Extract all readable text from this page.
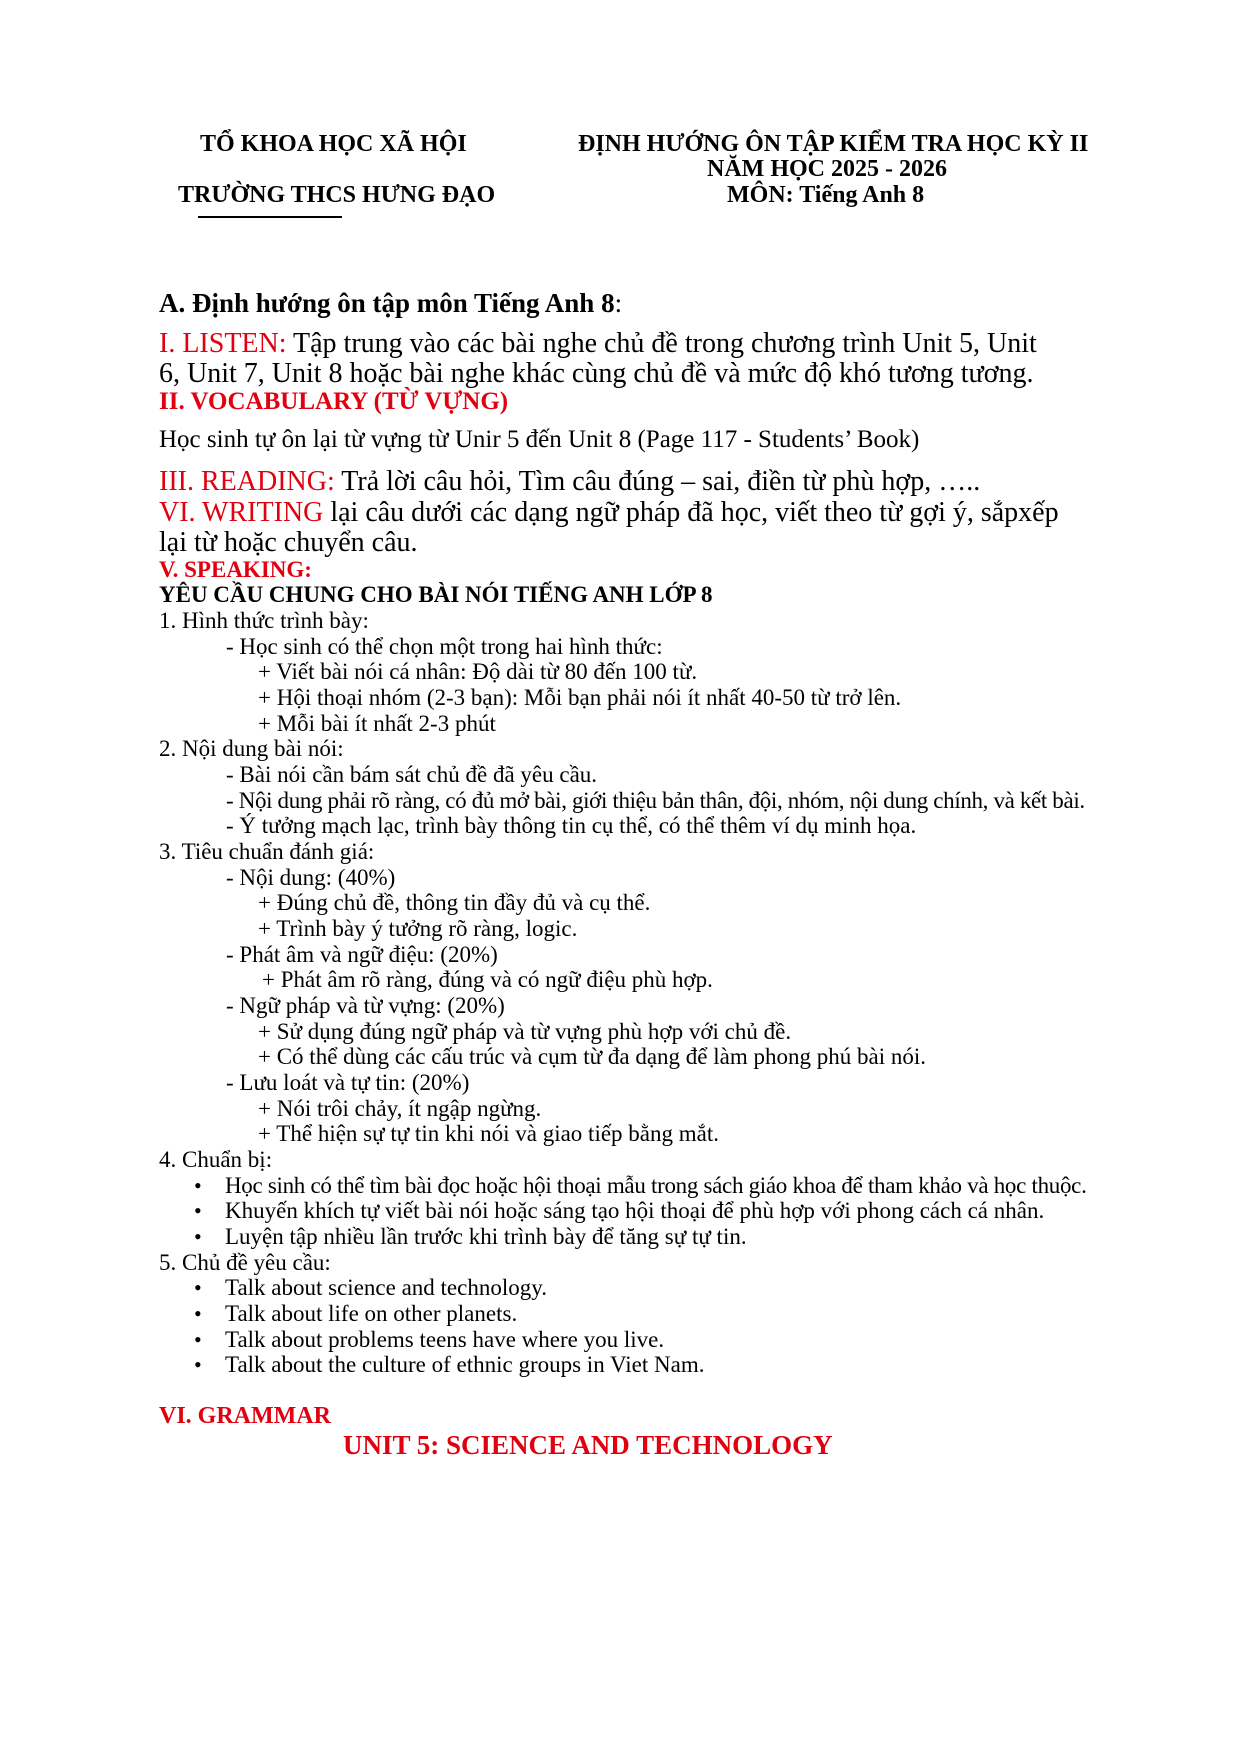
TỔ KHOA HỌC XÃ HỘI
TRƯỜNG THCS HƯNG ĐẠO
ĐỊNH HƯỚNG ÔN TẬP KIỂM TRA HỌC KỲ II
NĂM HỌC 2025 - 2026
MÔN: Tiếng Anh 8
A. Định hướng ôn tập môn Tiếng Anh 8:
I. LISTEN: Tập trung vào các bài nghe chủ đề trong chương trình Unit 5, Unit
6, Unit 7, Unit 8 hoặc bài nghe khác cùng chủ đề và mức độ khó tương tương.
II. VOCABULARY (TỪ VỰNG)
Học sinh tự ôn lại từ vựng từ Unir 5 đến Unit 8 (Page 117 - Students’ Book)
III. READING: Trả lời câu hỏi, Tìm câu đúng – sai, điền từ phù hợp, …..
VI. WRITING lại câu dưới các dạng ngữ pháp đã học, viết theo từ gợi ý, sắpxếp
lại từ hoặc chuyển câu.
V. SPEAKING:
YÊU CẦU CHUNG CHO BÀI NÓI TIẾNG ANH LỚP 8
1. Hình thức trình bày:
- Học sinh có thể chọn một trong hai hình thức:
+ Viết bài nói cá nhân: Độ dài từ 80 đến 100 từ.
+ Hội thoại nhóm (2-3 bạn): Mỗi bạn phải nói ít nhất 40-50 từ trở lên.
+ Mỗi bài ít nhất 2-3 phút
2. Nội dung bài nói:
- Bài nói cần bám sát chủ đề đã yêu cầu.
- Nội dung phải rõ ràng, có đủ mở bài, giới thiệu bản thân, đội, nhóm, nội dung chính, và kết bài.
- Ý tưởng mạch lạc, trình bày thông tin cụ thể, có thể thêm ví dụ minh họa.
3. Tiêu chuẩn đánh giá:
- Nội dung: (40%)
+ Đúng chủ đề, thông tin đầy đủ và cụ thể.
+ Trình bày ý tưởng rõ ràng, logic.
- Phát âm và ngữ điệu: (20%)
+ Phát âm rõ ràng, đúng và có ngữ điệu phù hợp.
- Ngữ pháp và từ vựng: (20%)
+ Sử dụng đúng ngữ pháp và từ vựng phù hợp với chủ đề.
+ Có thể dùng các cấu trúc và cụm từ đa dạng để làm phong phú bài nói.
- Lưu loát và tự tin: (20%)
+ Nói trôi chảy, ít ngập ngừng.
+ Thể hiện sự tự tin khi nói và giao tiếp bằng mắt.
4. Chuẩn bị:
• Học sinh có thể tìm bài đọc hoặc hội thoại mẫu trong sách giáo khoa để tham khảo và học thuộc.
• Khuyến khích tự viết bài nói hoặc sáng tạo hội thoại để phù hợp với phong cách cá nhân.
• Luyện tập nhiều lần trước khi trình bày để tăng sự tự tin.
5. Chủ đề yêu cầu:
• Talk about science and technology.
• Talk about life on other planets.
• Talk about problems teens have where you live.
• Talk about the culture of ethnic groups in Viet Nam.
VI. GRAMMAR
UNIT 5: SCIENCE AND TECHNOLOGY
